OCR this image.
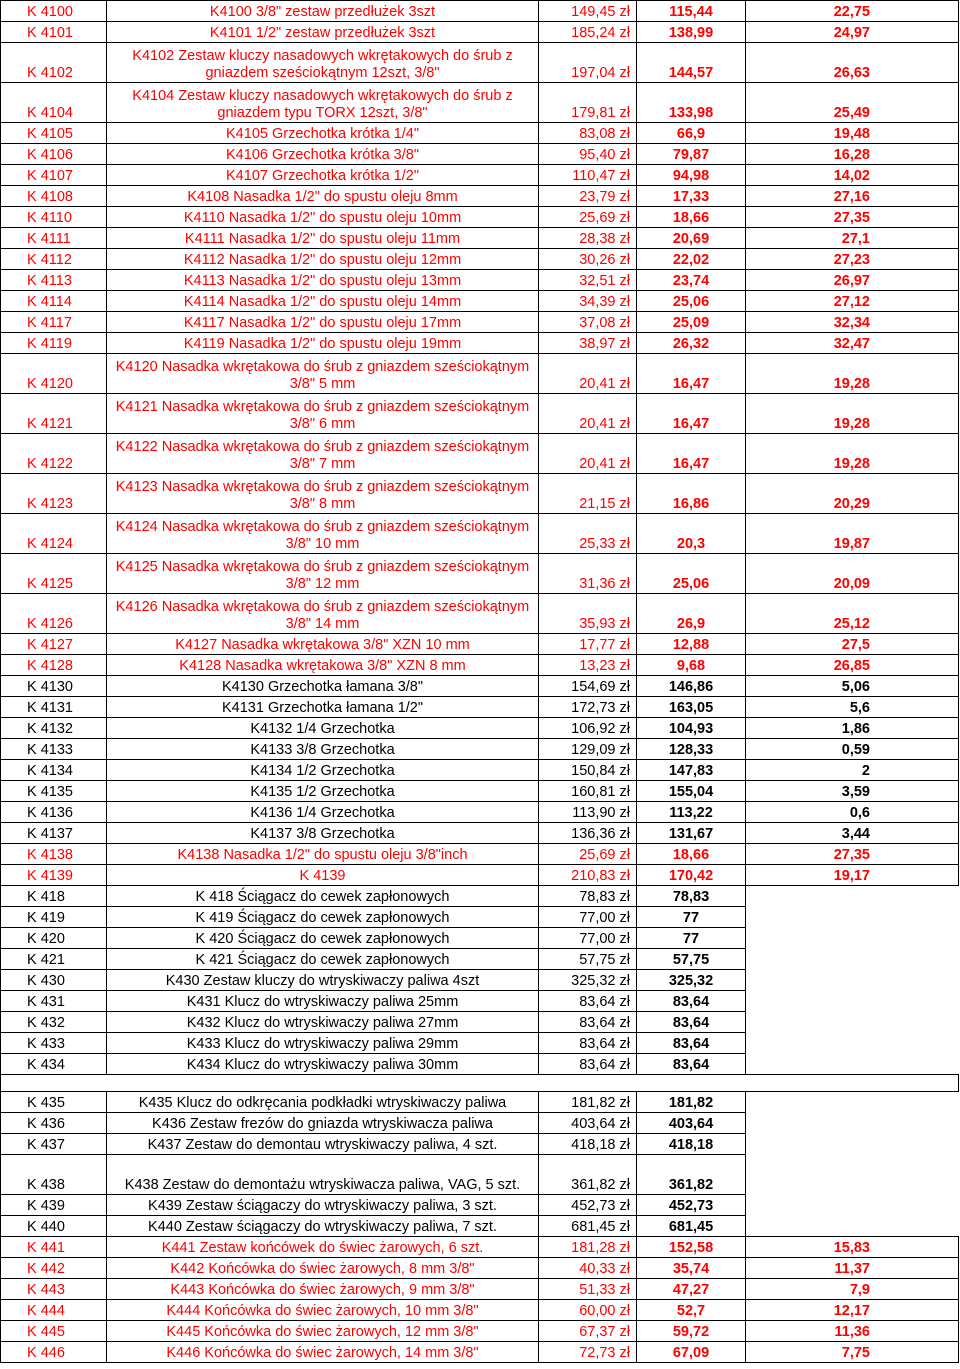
K 4100	K4100 3/8" zestaw przedłużek 3szt	149,45 zł	115,44	22,75
K 4101	K4101 1/2" zestaw przedłużek 3szt	185,24 zł	138,99	24,97
K 4102	K4102 Zestaw kluczy nasadowych wkrętakowych do śrub z gniazdem sześciokątnym 12szt, 3/8"	197,04 zł	144,57	26,63
K 4104	K4104 Zestaw kluczy nasadowych wkrętakowych do śrub z gniazdem typu TORX 12szt, 3/8"	179,81 zł	133,98	25,49
K 4105	K4105 Grzechotka krótka 1/4"	83,08 zł	66,9	19,48
K 4106	K4106 Grzechotka krótka 3/8"	95,40 zł	79,87	16,28
K 4107	K4107 Grzechotka krótka 1/2"	110,47 zł	94,98	14,02
K 4108	K4108 Nasadka 1/2" do spustu oleju 8mm	23,79 zł	17,33	27,16
K 4110	K4110 Nasadka 1/2" do spustu oleju 10mm	25,69 zł	18,66	27,35
K 4111	K4111 Nasadka 1/2" do spustu oleju 11mm	28,38 zł	20,69	27,1
K 4112	K4112 Nasadka 1/2" do spustu oleju 12mm	30,26 zł	22,02	27,23
K 4113	K4113 Nasadka 1/2" do spustu oleju 13mm	32,51 zł	23,74	26,97
K 4114	K4114 Nasadka 1/2" do spustu oleju 14mm	34,39 zł	25,06	27,12
K 4117	K4117 Nasadka 1/2" do spustu oleju 17mm	37,08 zł	25,09	32,34
K 4119	K4119 Nasadka 1/2" do spustu oleju 19mm	38,97 zł	26,32	32,47
K 4120	K4120 Nasadka wkrętakowa do śrub z gniazdem sześciokątnym 3/8" 5 mm	20,41 zł	16,47	19,28
K 4121	K4121 Nasadka wkrętakowa do śrub z gniazdem sześciokątnym 3/8" 6 mm	20,41 zł	16,47	19,28
K 4122	K4122 Nasadka wkrętakowa do śrub z gniazdem sześciokątnym 3/8" 7 mm	20,41 zł	16,47	19,28
K 4123	K4123 Nasadka wkrętakowa do śrub z gniazdem sześciokątnym 3/8" 8 mm	21,15 zł	16,86	20,29
K 4124	K4124 Nasadka wkrętakowa do śrub z gniazdem sześciokątnym 3/8" 10 mm	25,33 zł	20,3	19,87
K 4125	K4125 Nasadka wkrętakowa do śrub z gniazdem sześciokątnym 3/8" 12 mm	31,36 zł	25,06	20,09
K 4126	K4126 Nasadka wkrętakowa do śrub z gniazdem sześciokątnym 3/8" 14 mm	35,93 zł	26,9	25,12
K 4127	K4127 Nasadka wkrętakowa 3/8" XZN 10 mm	17,77 zł	12,88	27,5
K 4128	K4128 Nasadka wkrętakowa 3/8" XZN 8 mm	13,23 zł	9,68	26,85
K 4130	K4130 Grzechotka łamana 3/8"	154,69 zł	146,86	5,06
K 4131	K4131 Grzechotka łamana 1/2"	172,73 zł	163,05	5,6
K 4132	K4132 1/4 Grzechotka	106,92 zł	104,93	1,86
K 4133	K4133 3/8 Grzechotka	129,09 zł	128,33	0,59
K 4134	K4134 1/2 Grzechotka	150,84 zł	147,83	2
K 4135	K4135 1/2 Grzechotka	160,81 zł	155,04	3,59
K 4136	K4136 1/4 Grzechotka	113,90 zł	113,22	0,6
K 4137	K4137 3/8 Grzechotka	136,36 zł	131,67	3,44
K 4138	K4138 Nasadka 1/2" do spustu oleju 3/8"inch	25,69 zł	18,66	27,35
K 4139	K 4139	210,83 zł	170,42	19,17
K 418	K 418 Ściągacz do cewek zapłonowych	78,83 zł	78,83	
K 419	K 419 Ściągacz do cewek zapłonowych	77,00 zł	77	
K 420	K 420 Ściągacz do cewek zapłonowych	77,00 zł	77	
K 421	K 421 Ściągacz do cewek zapłonowych	57,75 zł	57,75	
K 430	K430 Zestaw kluczy do wtryskiwaczy paliwa 4szt	325,32 zł	325,32	
K 431	K431 Klucz do wtryskiwaczy paliwa 25mm	83,64 zł	83,64	
K 432	K432 Klucz do wtryskiwaczy paliwa 27mm	83,64 zł	83,64	
K 433	K433 Klucz do wtryskiwaczy paliwa 29mm	83,64 zł	83,64	
K 434	K434 Klucz do wtryskiwaczy paliwa 30mm	83,64 zł	83,64	

K 435	K435 Klucz do odkręcania podkładki wtryskiwaczy paliwa	181,82 zł	181,82	
K 436	K436 Zestaw frezów do gniazda wtryskiwacza paliwa	403,64 zł	403,64	
K 437	K437 Zestaw do demontau wtryskiwaczy paliwa, 4 szt.	418,18 zł	418,18	
K 438	K438 Zestaw do demontażu wtryskiwacza paliwa, VAG, 5 szt.	361,82 zł	361,82	
K 439	K439 Zestaw ściągaczy do wtryskiwaczy paliwa, 3 szt.	452,73 zł	452,73	
K 440	K440 Zestaw ściągaczy do wtryskiwaczy paliwa, 7 szt.	681,45 zł	681,45	
K 441	K441 Zestaw końcówek do świec żarowych, 6 szt.	181,28 zł	152,58	15,83
K 442	K442 Końcówka do świec żarowych, 8 mm 3/8"	40,33 zł	35,74	11,37
K 443	K443 Końcówka do świec żarowych, 9 mm 3/8"	51,33 zł	47,27	7,9
K 444	K444 Końcówka do świec żarowych, 10 mm 3/8"	60,00 zł	52,7	12,17
K 445	K445 Końcówka do świec żarowych, 12 mm 3/8"	67,37 zł	59,72	11,36
K 446	K446 Końcówka do świec żarowych, 14 mm 3/8"	72,73 zł	67,09	7,75
